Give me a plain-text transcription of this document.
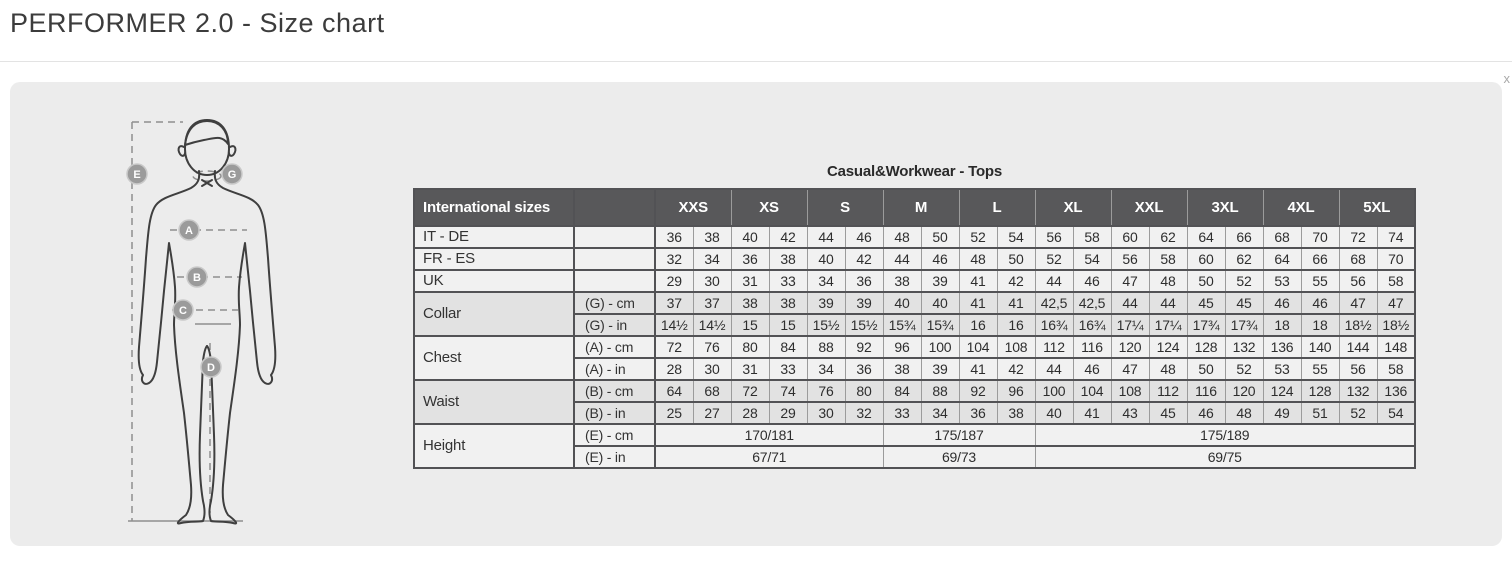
PERFORMER 2.0 - Size chart
x
E	G
A
B
C
D
Casual&Workwear - Tops
International sizes		XXS		XS		S		M		L		XL		XXL		3XL		4XL		5XL	
IT - DE		36	38	40	42	44	46	48	50	52	54	56	58	60	62	64	66	68	70	72	74
FR - ES		32	34	36	38	40	42	44	46	48	50	52	54	56	58	60	62	64	66	68	70
UK		29	30	31	33	34	36	38	39	41	42	44	46	47	48	50	52	53	55	56	58
Collar	(G) - cm	37	37	38	38	39	39	40	40	41	41	42,5	42,5	44	44	45	45	46	46	47	47
	(G) - in	14½	14½	15	15	15½	15½	15¾	15¾	16	16	16¾	16¾	17¼	17¼	17¾	17¾	18	18	18½	18½
Chest	(A) - cm	72	76	80	84	88	92	96	100	104	108	112	116	120	124	128	132	136	140	144	148
	(A) - in	28	30	31	33	34	36	38	39	41	42	44	46	47	48	50	52	53	55	56	58
Waist	(B) - cm	64	68	72	74	76	80	84	88	92	96	100	104	108	112	116	120	124	128	132	136
	(B) - in	25	27	28	29	30	32	33	34	36	38	40	41	43	45	46	48	49	51	52	54
Height	(E) - cm	170/181						175/187				175/189									
	(E) - in	67/71						69/73				69/75									
